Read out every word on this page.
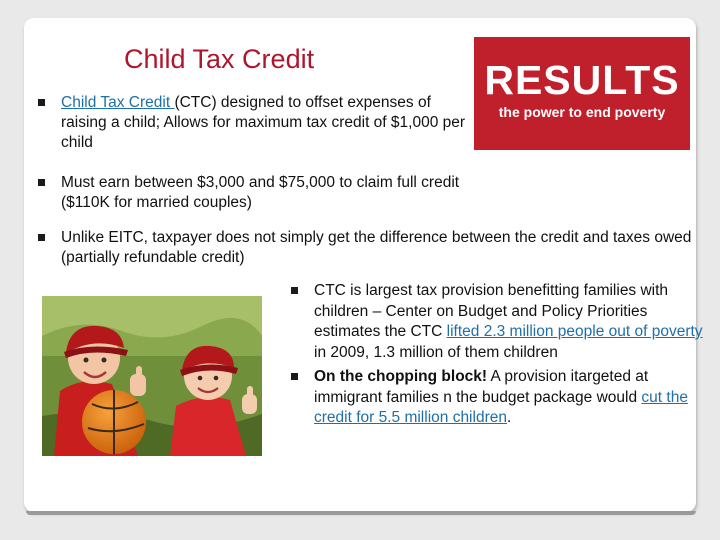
Child Tax Credit	RESULTS
the power to end poverty
Child Tax Credit (CTC) designed to offset expenses of raising a child; Allows for maximum tax credit of $1,000 per child
Must earn between $3,000 and $75,000 to claim full credit ($110K for married couples)
Unlike EITC, taxpayer does not simply get the difference between the credit and taxes owed (partially refundable credit)
CTC is largest tax provision benefitting families with children – Center on Budget and Policy Priorities estimates the CTC lifted 2.3 million people out of poverty in 2009, 1.3 million of them children
On the chopping block! A provision itargeted at immigrant families n the budget package would cut the credit for 5.5 million children.
